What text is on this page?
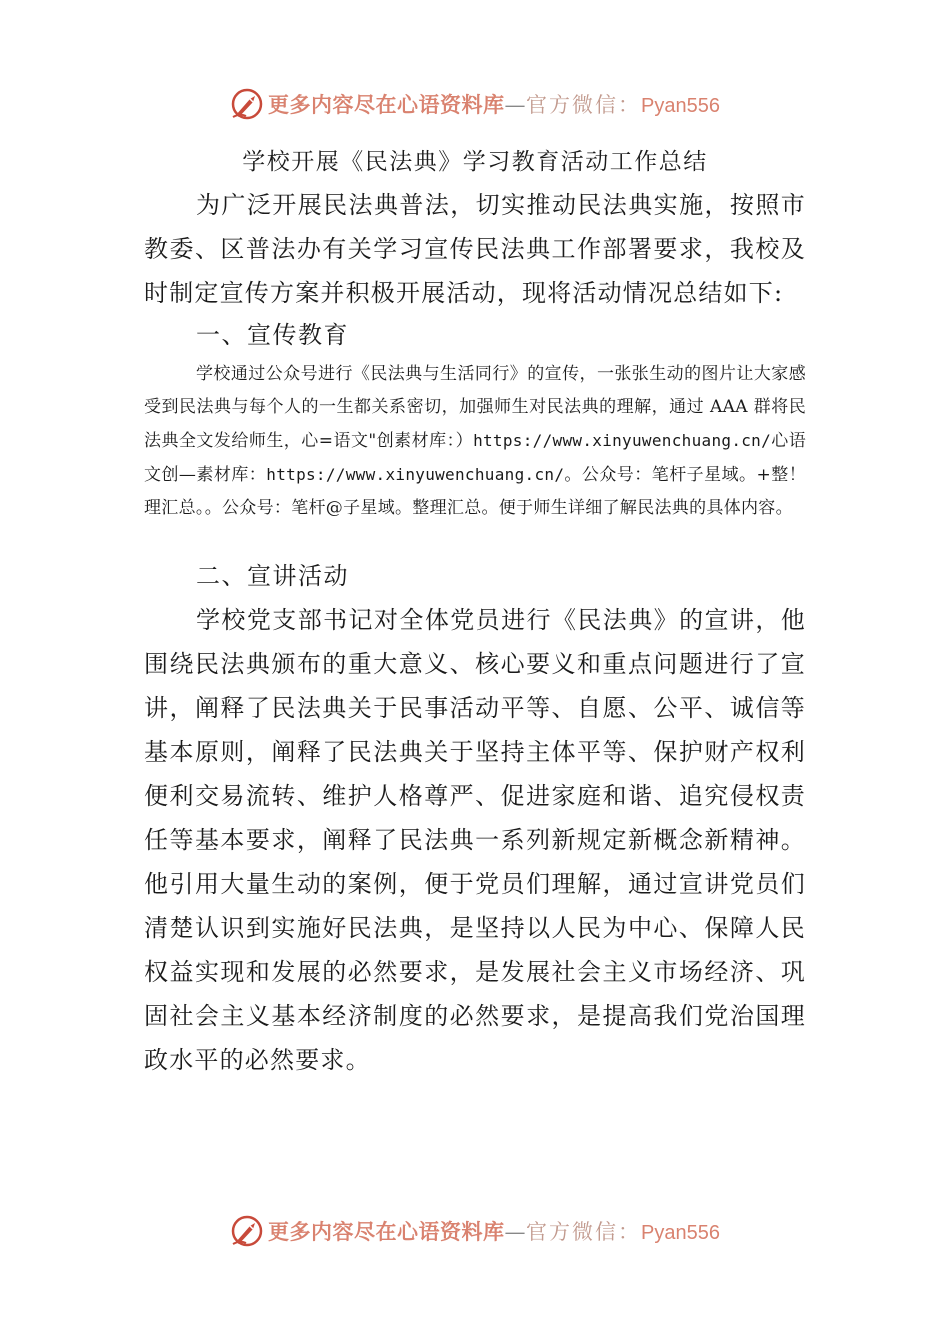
更多内容尽在心语资料库—官方微信：Pyan556
学校开展《民法典》学习教育活动工作总结
为广泛开展民法典普法，切实推动民法典实施，按照市教委、区普法办有关学习宣传民法典工作部署要求，我校及时制定宣传方案并积极开展活动，现将活动情况总结如下:
一、宣传教育
学校通过公众号进行《民法典与生活同行》的宣传，一张张生动的图片让大家感受到民法典与每个人的一生都关系密切，加强师生对民法典的理解，通过 AAA 群将民法典全文发给师生，心=语文"创素材库：）https://www.xinyuwenchuang.cn/心语文创—素材库：https://www.xinyuwenchuang.cn/。公众号：笔杆子星域。+整！理汇总。。公众号：笔杆@子星域。整理汇总。便于师生详细了解民法典的具体内容。
二、宣讲活动
学校党支部书记对全体党员进行《民法典》的宣讲，他围绕民法典颁布的重大意义、核心要义和重点问题进行了宣讲，阐释了民法典关于民事活动平等、自愿、公平、诚信等基本原则，阐释了民法典关于坚持主体平等、保护财产权利便利交易流转、维护人格尊严、促进家庭和谐、追究侵权责任等基本要求，阐释了民法典一系列新规定新概念新精神。他引用大量生动的案例，便于党员们理解，通过宣讲党员们清楚认识到实施好民法典，是坚持以人民为中心、保障人民权益实现和发展的必然要求，是发展社会主义市场经济、巩固社会主义基本经济制度的必然要求，是提高我们党治国理政水平的必然要求。
更多内容尽在心语资料库—官方微信：Pyan556
